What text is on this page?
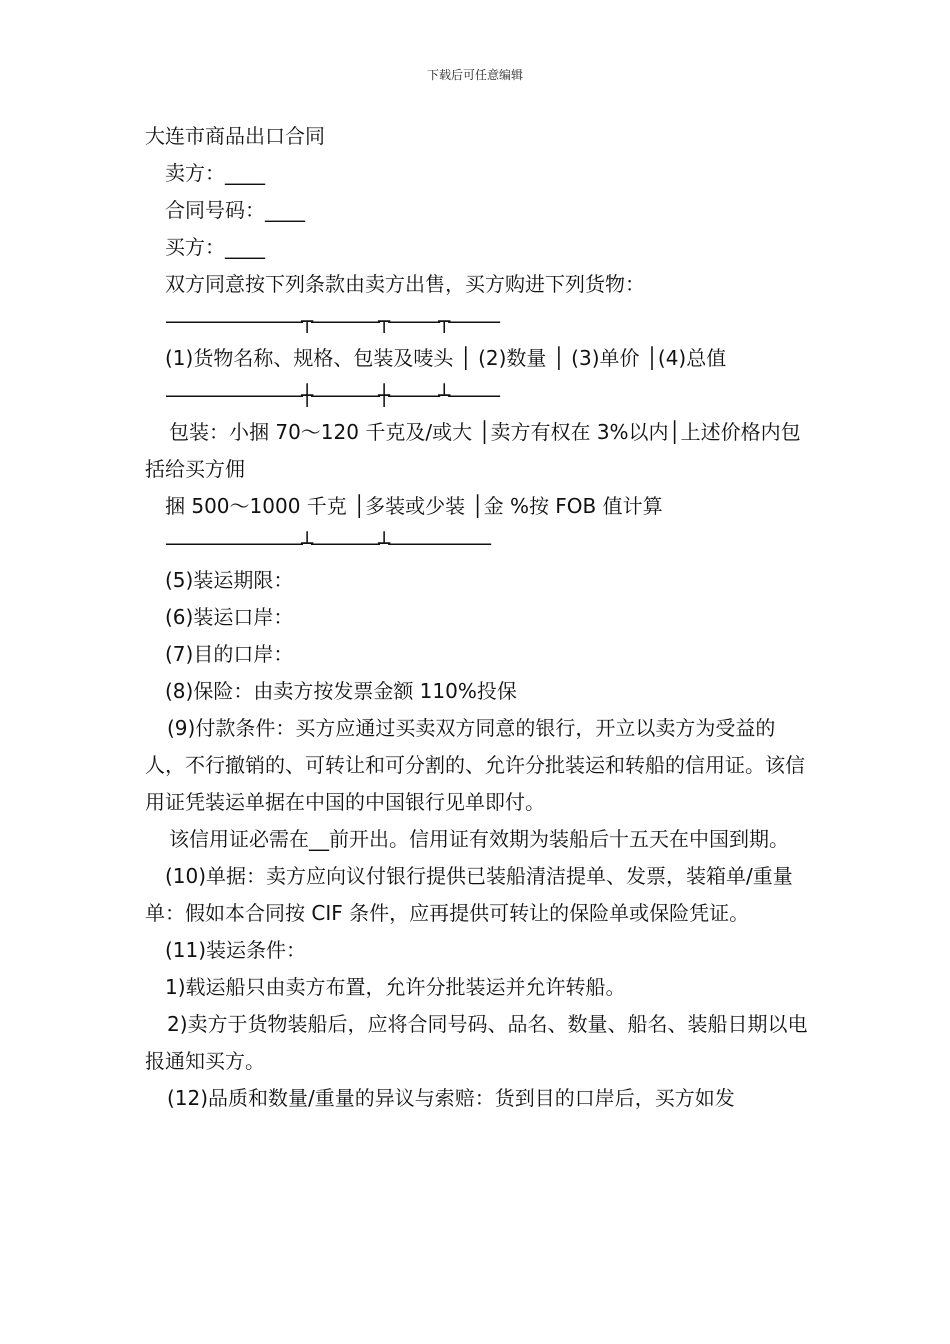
下载后可任意编辑
大连市商品出口合同
卖方：____
合同号码：____
买方：____
双方同意按下列条款由卖方出售，买方购进下列货物：
————————┬————┬———┬———
(1)货物名称、规格、包装及唛头 │ (2)数量 │ (3)单价 │(4)总值
————————┼————┼———┴———
包装：小捆 70～120 千克及/或大 │卖方有权在 3%以内│上述价格内包括给买方佣
捆 500～1000 千克 │多装或少装 │金 %按 FOB 值计算
————————┴————┴——————
(5)装运期限：
(6)装运口岸：
(7)目的口岸：
(8)保险：由卖方按发票金额 110%投保
(9)付款条件：买方应通过买卖双方同意的银行，开立以卖方为受益的人，不行撤销的、可转让和可分割的、允许分批装运和转船的信用证。该信用证凭装运单据在中国的中国银行见单即付。
该信用证必需在__前开出。信用证有效期为装船后十五天在中国到期。
(10)单据：卖方应向议付银行提供已装船清洁提单、发票，装箱单/重量单：假如本合同按 CIF 条件，应再提供可转让的保险单或保险凭证。
(11)装运条件：
1)载运船只由卖方布置，允许分批装运并允许转船。
2)卖方于货物装船后，应将合同号码、品名、数量、船名、装船日期以电报通知买方。
(12)品质和数量/重量的异议与索赔：货到目的口岸后，买方如发
